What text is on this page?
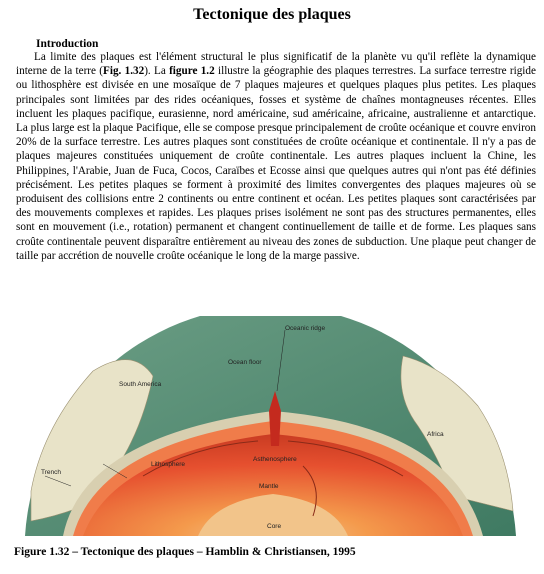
Tectonique des plaques
Introduction

La limite des plaques est l'élément structural le plus significatif de la planète vu qu'il reflète la dynamique interne de la terre (Fig. 1.32). La figure 1.2 illustre la géographie des plaques terrestres. La surface terrestre rigide ou lithosphère est divisée en une mosaïque de 7 plaques majeures et quelques plaques plus petites. Les plaques principales sont limitées par des rides océaniques, fosses et système de chaînes montagneuses récentes. Elles incluent les plaques pacifique, eurasienne, nord américaine, sud américaine, africaine, australienne et antarctique. La plus large est la plaque Pacifique, elle se compose presque principalement de croûte océanique et couvre environ 20% de la surface terrestre. Les autres plaques sont constituées de croûte océanique et continentale. Il n'y a pas de plaques majeures constituées uniquement de croûte continentale. Les autres plaques incluent la Chine, les Philippines, l'Arabie, Juan de Fuca, Cocos, Caraïbes et Ecosse ainsi que quelques autres qui n'ont pas été définies précisément. Les petites plaques se forment à proximité des limites convergentes des plaques majeures où se produisent des collisions entre 2 continents ou entre continent et océan. Les petites plaques sont caractérisées par des mouvements complexes et rapides. Les plaques prises isolément ne sont pas des structures permanentes, elles sont en mouvement (i.e., rotation) permanent et changent continuellement de taille et de forme. Les plaques sans croûte continentale peuvent disparaître entièrement au niveau des zones de subduction. Une plaque peut changer de taille par accrétion de nouvelle croûte océanique le long de la marge passive.

Oceanic ridge
Ocean floor
South America
Africa
Lithosphere
Asthenosphere
Trench
Mantle
Core

Figure 1.32 – Tectonique des plaques – Hamblin & Christiansen, 1995
